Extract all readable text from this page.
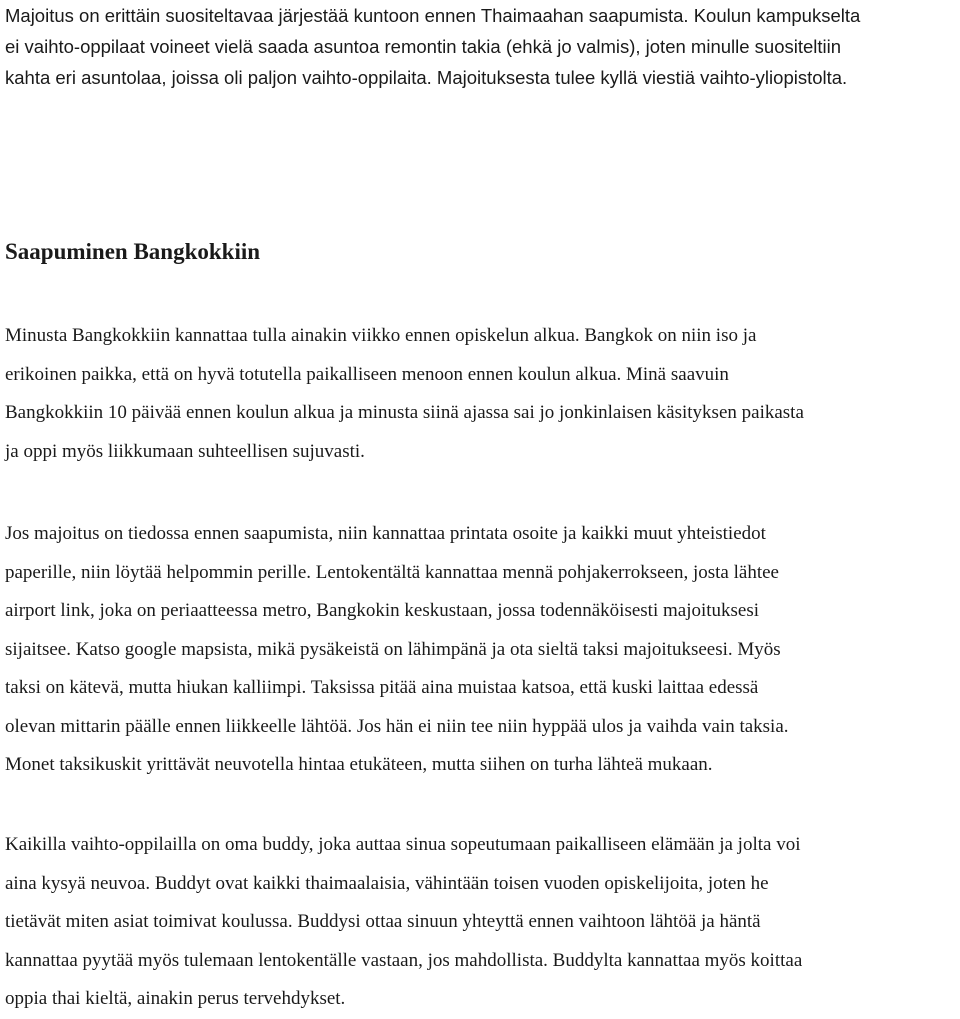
Majoitus on erittäin suositeltavaa järjestää kuntoon ennen Thaimaahan saapumista. Koulun kampukselta
ei vaihto-oppilaat voineet vielä saada asuntoa remontin takia (ehkä jo valmis), joten minulle suositeltiin
kahta eri asuntolaa, joissa oli paljon vaihto-oppilaita. Majoituksesta tulee kyllä viestiä vaihto-yliopistolta.

Saapuminen Bangkokkiin

Minusta Bangkokkiin kannattaa tulla ainakin viikko ennen opiskelun alkua. Bangkok on niin iso ja
erikoinen paikka, että on hyvä totutella paikalliseen menoon ennen koulun alkua. Minä saavuin
Bangkokkiin 10 päivää ennen koulun alkua ja minusta siinä ajassa sai jo jonkinlaisen käsityksen paikasta
ja oppi myös liikkumaan suhteellisen sujuvasti.

Jos majoitus on tiedossa ennen saapumista, niin kannattaa printata osoite ja kaikki muut yhteistiedot
paperille, niin löytää helpommin perille. Lentokentältä kannattaa mennä pohjakerrokseen, josta lähtee
airport link, joka on periaatteessa metro, Bangkokin keskustaan, jossa todennäköisesti majoituksesi
sijaitsee. Katso google mapsista, mikä pysäkeistä on lähimpänä ja ota sieltä taksi majoitukseesi. Myös
taksi on kätevä, mutta hiukan kalliimpi. Taksissa pitää aina muistaa katsoa, että kuski laittaa edessä
olevan mittarin päälle ennen liikkeelle lähtöä. Jos hän ei niin tee niin hyppää ulos ja vaihda vain taksia.
Monet taksikuskit yrittävät neuvotella hintaa etukäteen, mutta siihen on turha lähteä mukaan.

Kaikilla vaihto-oppilailla on oma buddy, joka auttaa sinua sopeutumaan paikalliseen elämään ja jolta voi
aina kysyä neuvoa. Buddyt ovat kaikki thaimaalaisia, vähintään toisen vuoden opiskelijoita, joten he
tietävät miten asiat toimivat koulussa. Buddysi ottaa sinuun yhteyttä ennen vaihtoon lähtöä ja häntä
kannattaa pyytää myös tulemaan lentokentälle vastaan, jos mahdollista. Buddylta kannattaa myös koittaa
oppia thai kieltä, ainakin perus tervehdykset.
